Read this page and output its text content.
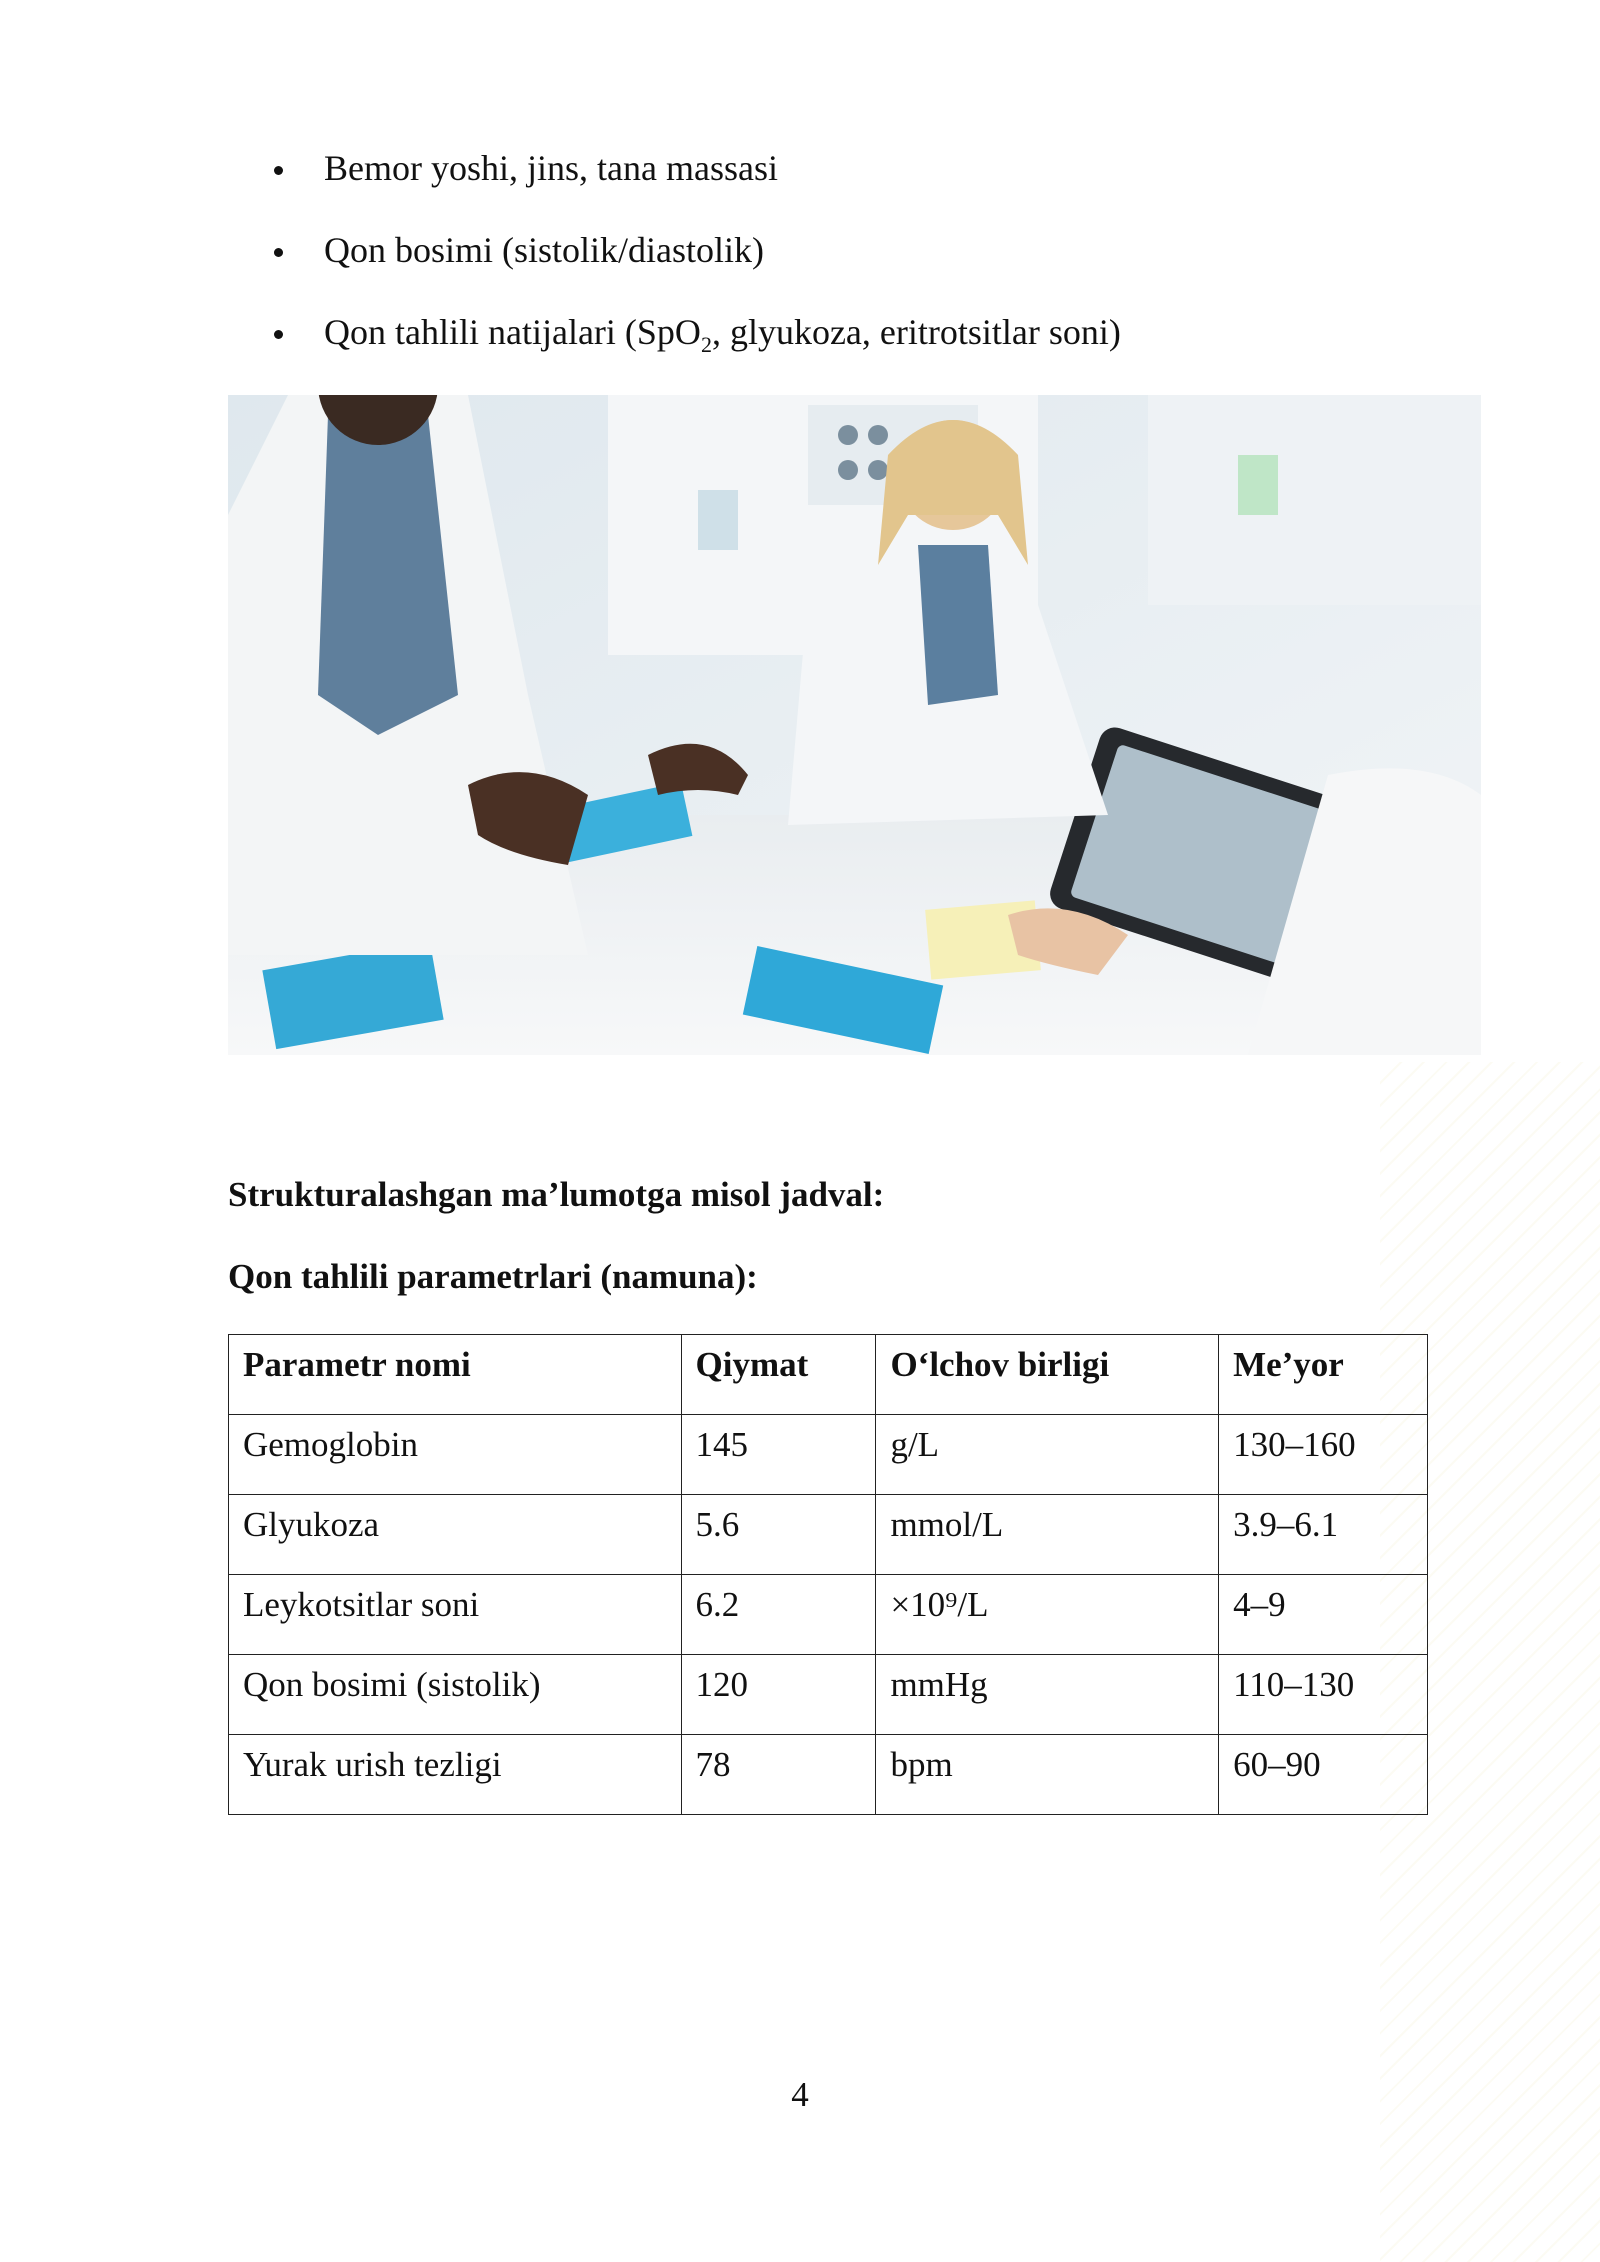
Bemor yoshi, jins, tana massasi
Qon bosimi (sistolik/diastolik)
Qon tahlili natijalari (SpO$_2$, glyukoza, eritrotsitlar soni)
Strukturalashgan ma’lumotga misol jadval:
Qon tahlili parametrlari (namuna):
Parametr nomi	Qiymat	O‘lchov birligi	Me’yor
Gemoglobin	145	g/L	130–160
Glyukoza	5.6	mmol/L	3.9–6.1
Leykotsitlar soni	6.2	×10⁹/L	4–9
Qon bosimi (sistolik)	120	mmHg	110–130
Yurak urish tezligi	78	bpm	60–90
4
